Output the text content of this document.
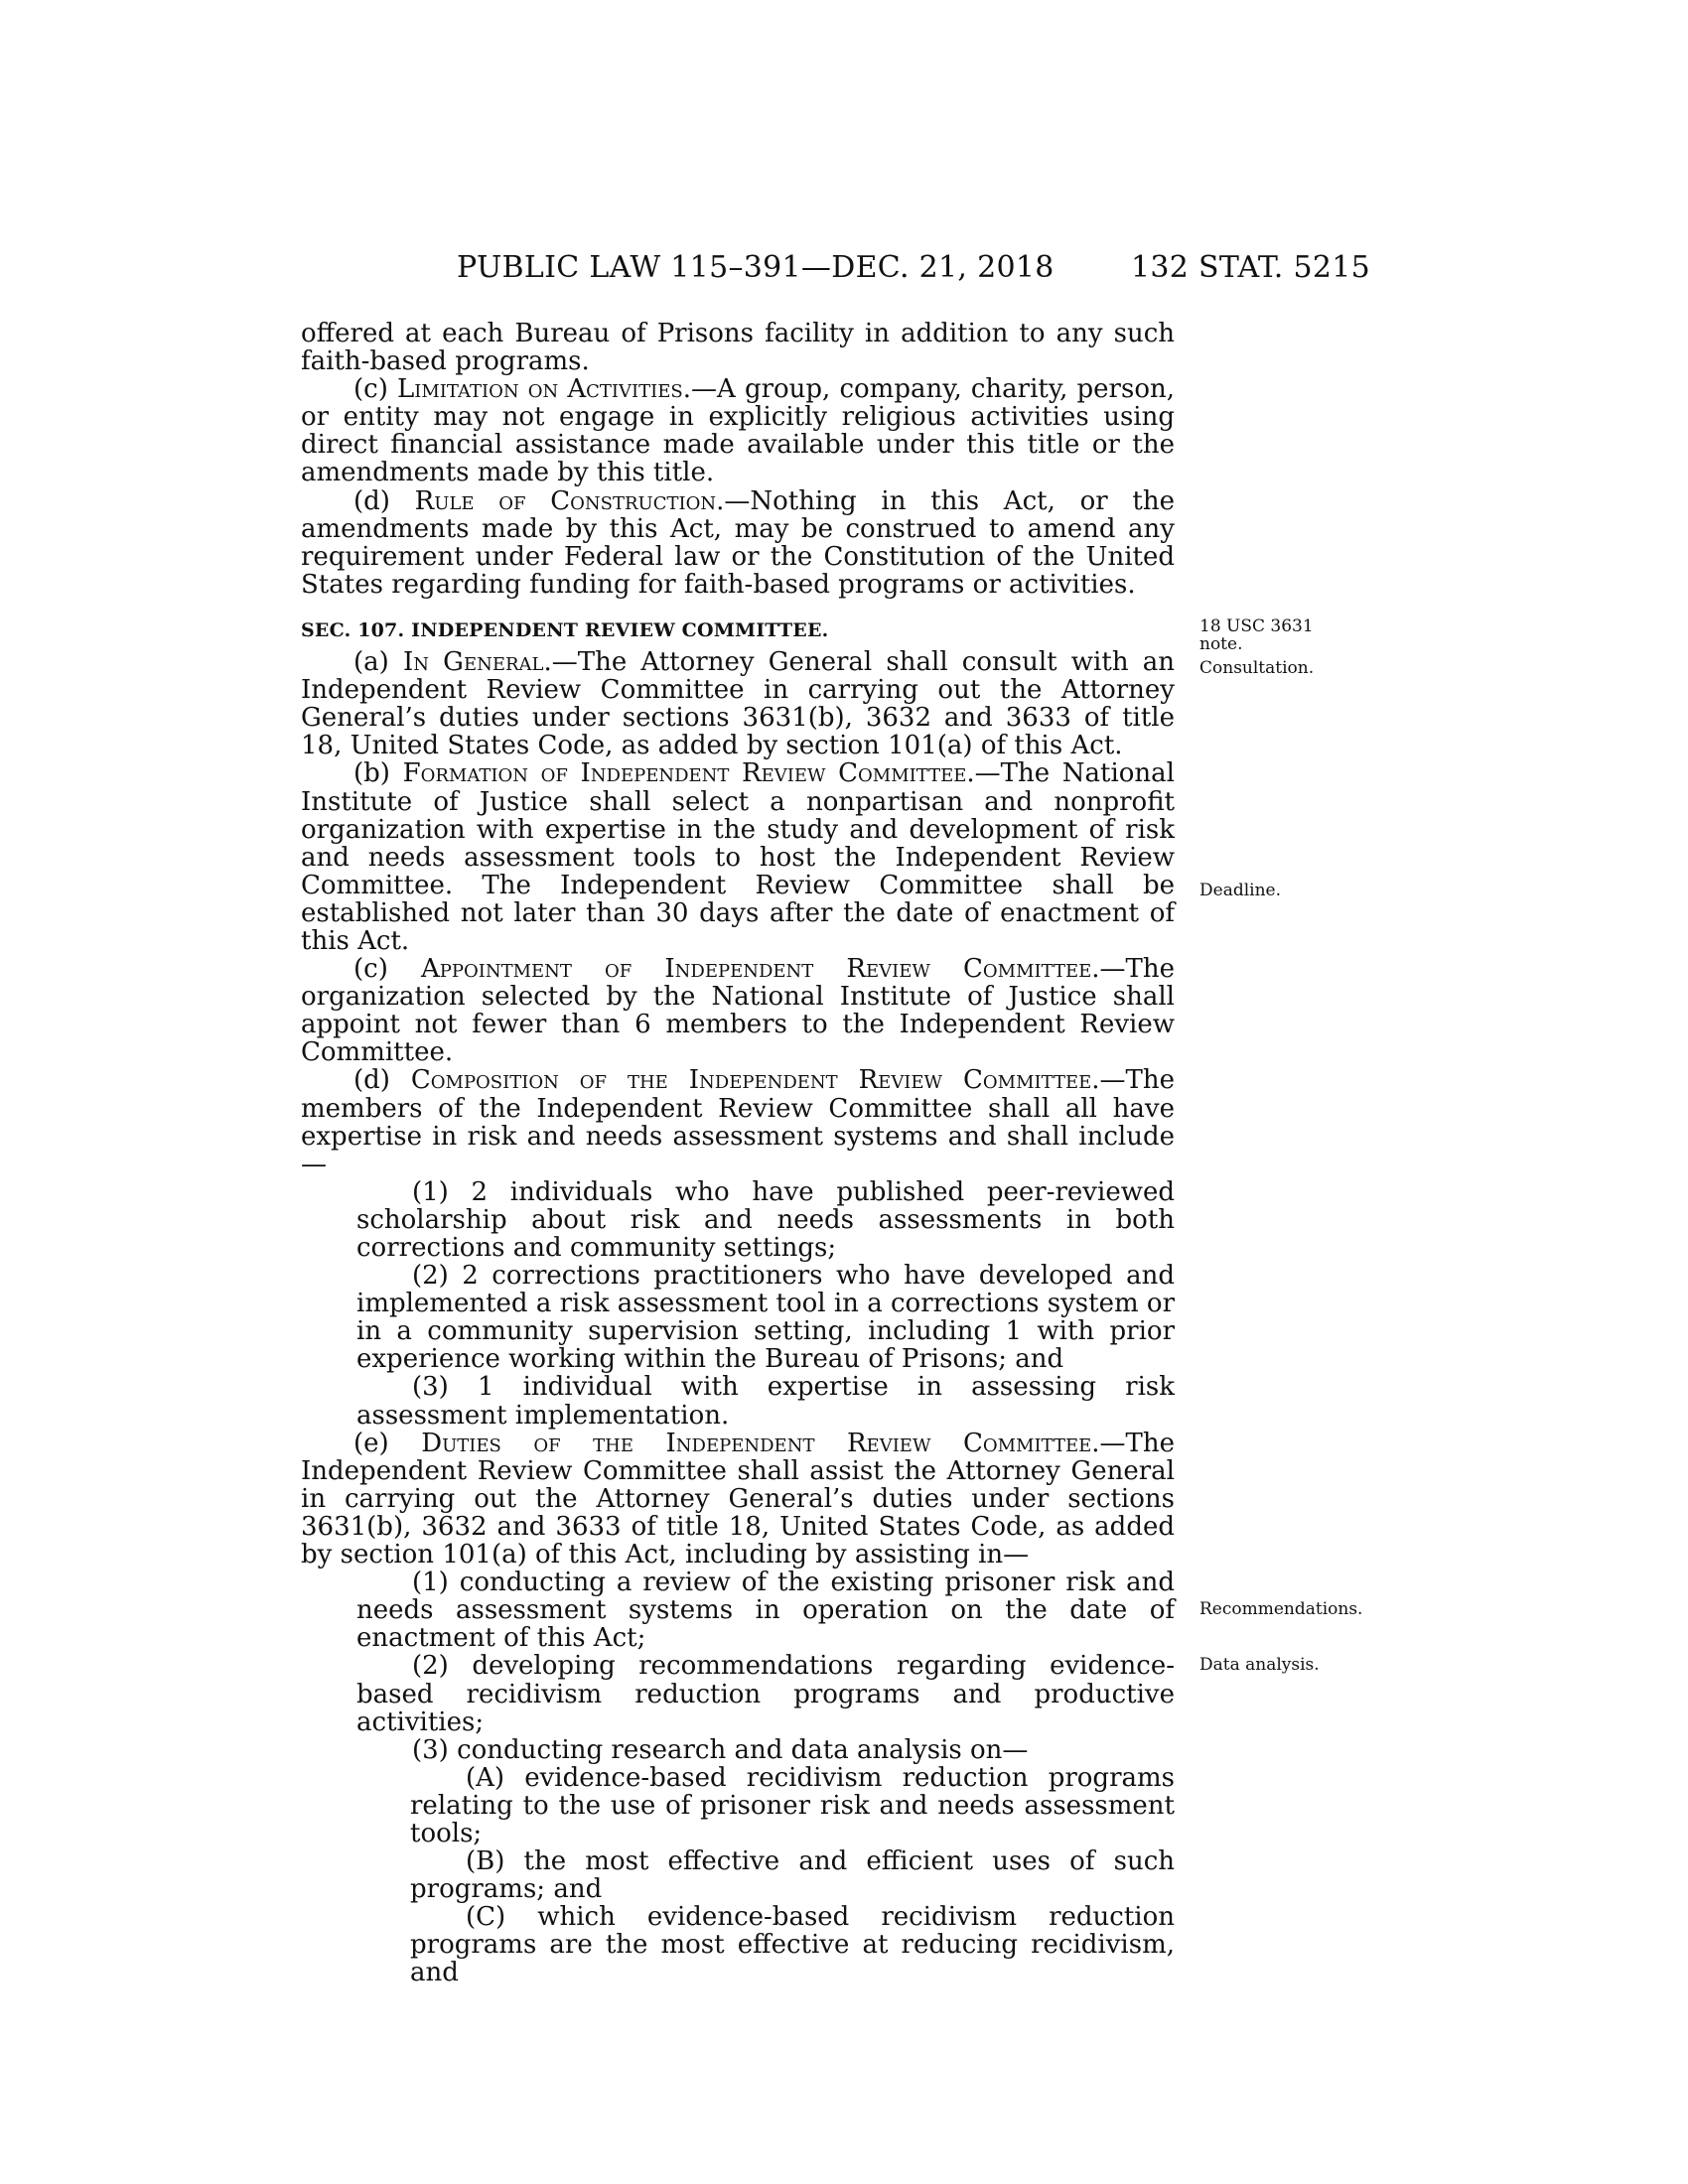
PUBLIC LAW 115–391—DEC. 21, 2018	132 STAT. 5215

offered at each Bureau of Prisons facility in addition to any such faith-based programs.

(c) Limitation on Activities.—A group, company, charity, person, or entity may not engage in explicitly religious activities using direct financial assistance made available under this title or the amendments made by this title.

(d) Rule of Construction.—Nothing in this Act, or the amendments made by this Act, may be construed to amend any requirement under Federal law or the Constitution of the United States regarding funding for faith-based programs or activities.

SEC. 107. INDEPENDENT REVIEW COMMITTEE.

(a) In General.—The Attorney General shall consult with an Independent Review Committee in carrying out the Attorney General’s duties under sections 3631(b), 3632 and 3633 of title 18, United States Code, as added by section 101(a) of this Act.

(b) Formation of Independent Review Committee.—The National Institute of Justice shall select a nonpartisan and nonprofit organization with expertise in the study and development of risk and needs assessment tools to host the Independent Review Committee. The Independent Review Committee shall be established not later than 30 days after the date of enactment of this Act.

(c) Appointment of Independent Review Committee.—The organization selected by the National Institute of Justice shall appoint not fewer than 6 members to the Independent Review Committee.

(d) Composition of the Independent Review Committee.—The members of the Independent Review Committee shall all have expertise in risk and needs assessment systems and shall include—

(1) 2 individuals who have published peer-reviewed scholarship about risk and needs assessments in both corrections and community settings;

(2) 2 corrections practitioners who have developed and implemented a risk assessment tool in a corrections system or in a community supervision setting, including 1 with prior experience working within the Bureau of Prisons; and

(3) 1 individual with expertise in assessing risk assessment implementation.

(e) Duties of the Independent Review Committee.—The Independent Review Committee shall assist the Attorney General in carrying out the Attorney General’s duties under sections 3631(b), 3632 and 3633 of title 18, United States Code, as added by section 101(a) of this Act, including by assisting in—

(1) conducting a review of the existing prisoner risk and needs assessment systems in operation on the date of enactment of this Act;

(2) developing recommendations regarding evidence-based recidivism reduction programs and productive activities;

(3) conducting research and data analysis on—

(A) evidence-based recidivism reduction programs relating to the use of prisoner risk and needs assessment tools;

(B) the most effective and efficient uses of such programs; and

(C) which evidence-based recidivism reduction programs are the most effective at reducing recidivism, and

18 USC 3631 note.
Consultation.
Deadline.
Recommendations.
Data analysis.
